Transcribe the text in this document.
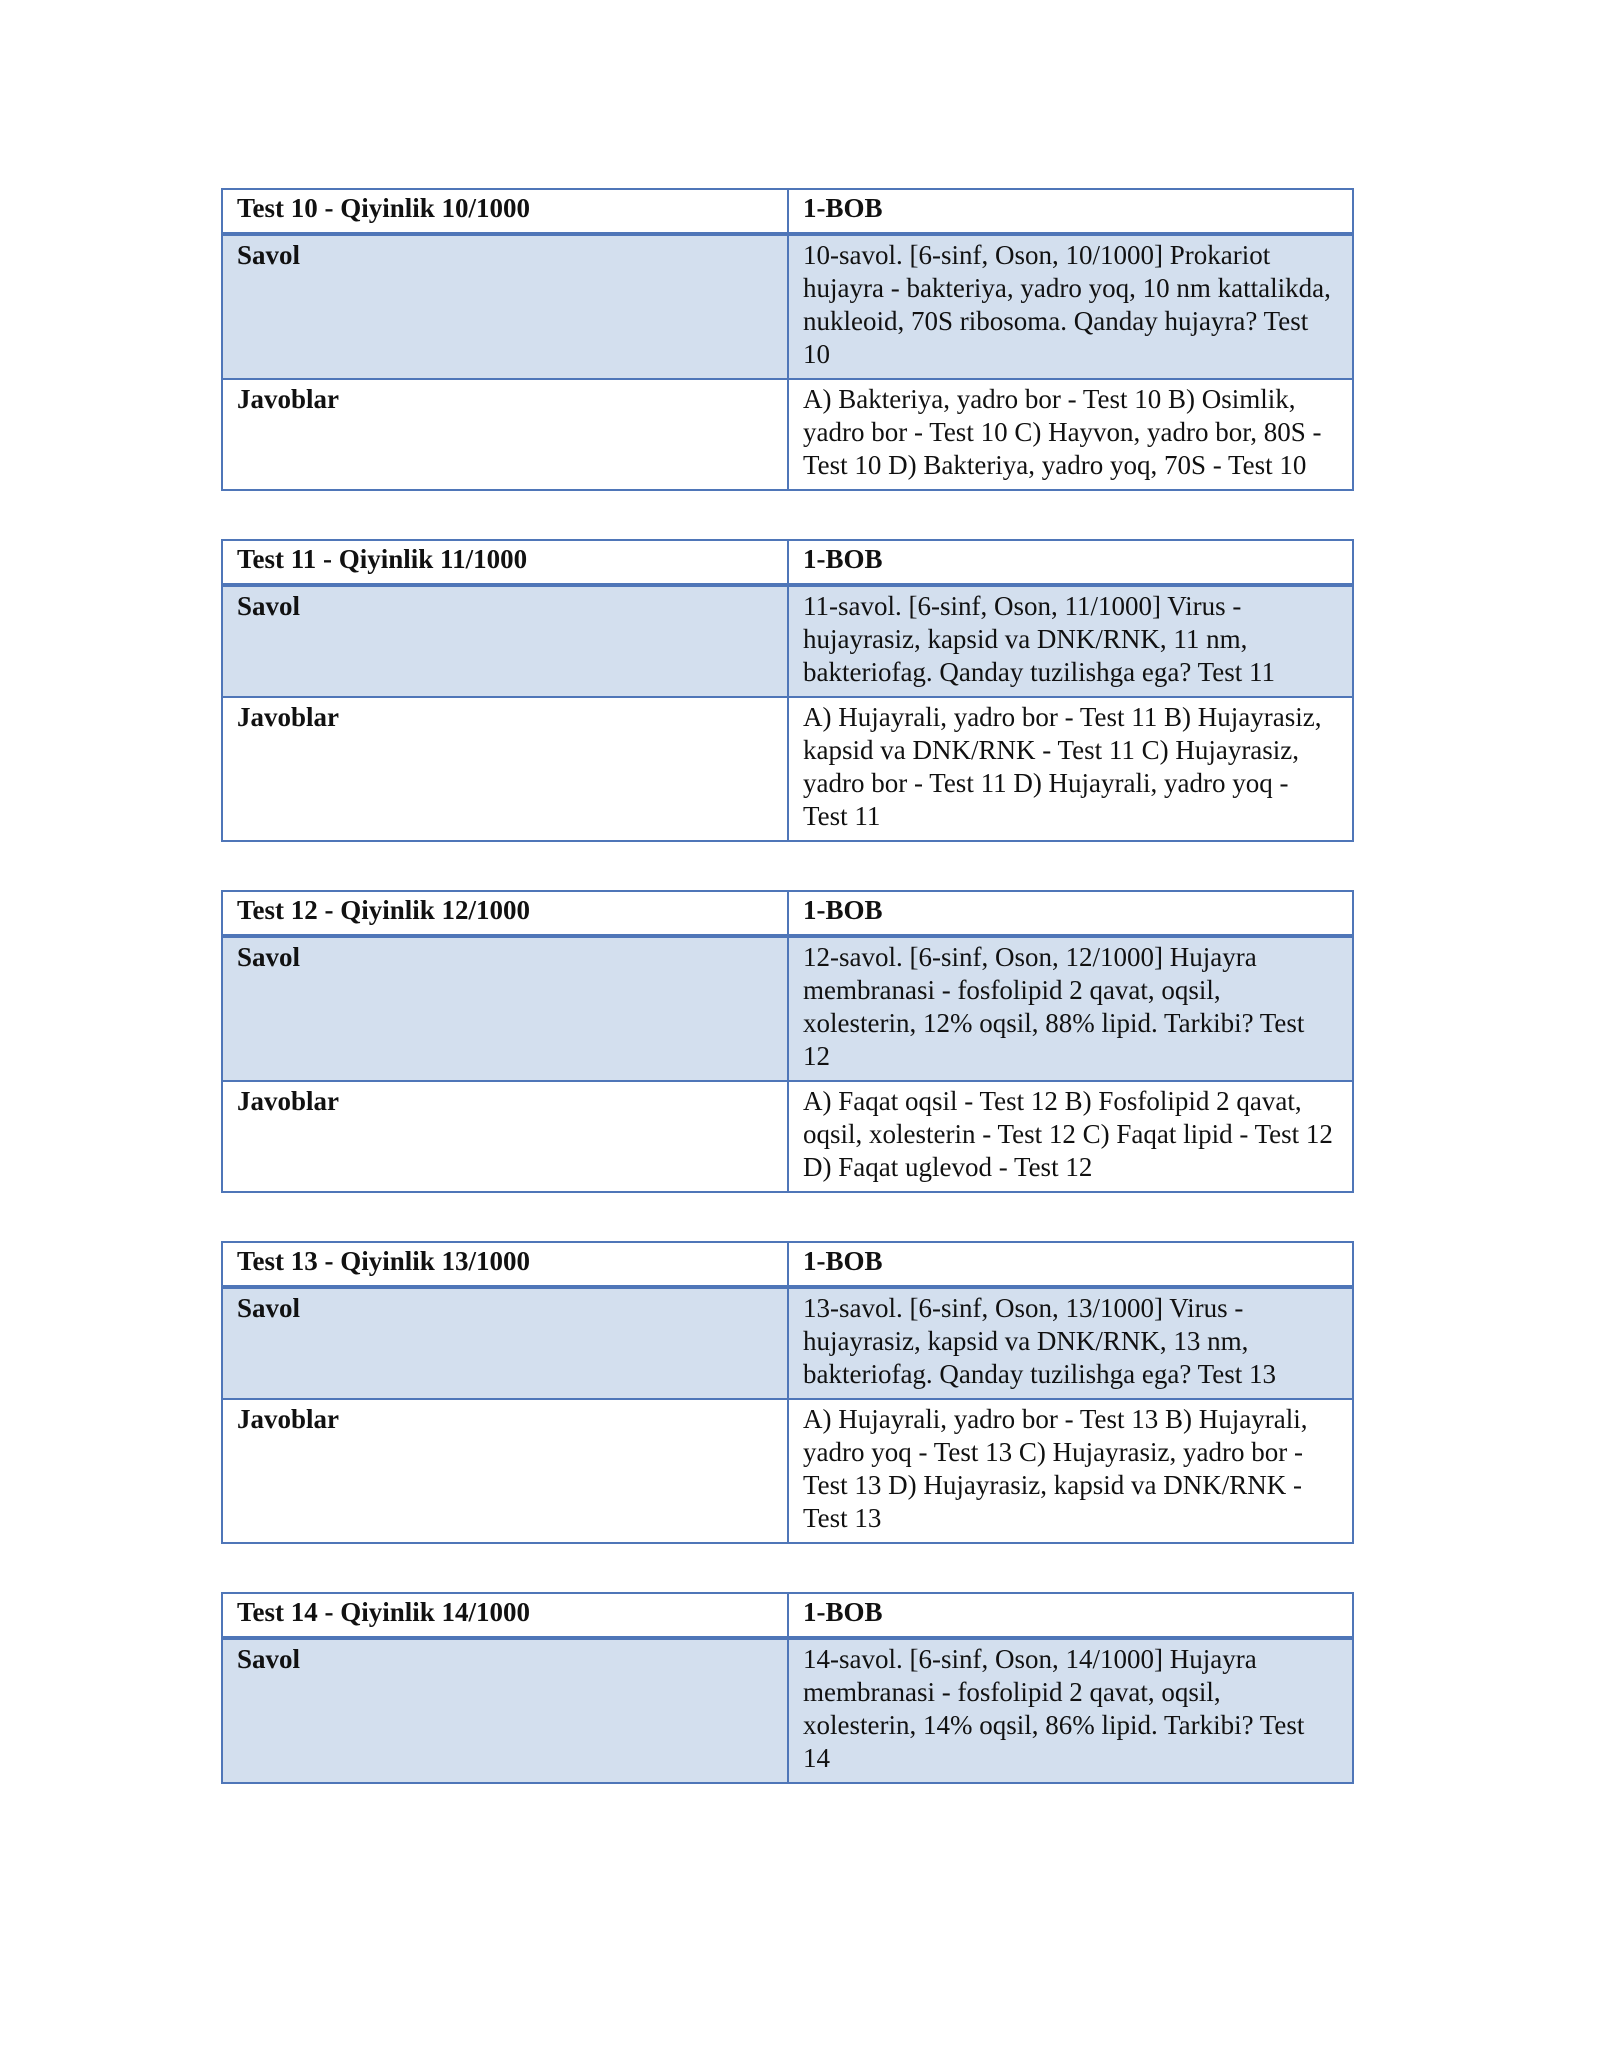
Test 10 - Qiyinlik 10/1000	1-BOB
Savol	10-savol. [6-sinf, Oson, 10/1000] Prokariot hujayra - bakteriya, yadro yoq, 10 nm kattalikda, nukleoid, 70S ribosoma. Qanday hujayra? Test 10
Javoblar	A) Bakteriya, yadro bor - Test 10 B) Osimlik, yadro bor - Test 10 C) Hayvon, yadro bor, 80S - Test 10 D) Bakteriya, yadro yoq, 70S - Test 10
Test 11 - Qiyinlik 11/1000	1-BOB
Savol	11-savol. [6-sinf, Oson, 11/1000] Virus - hujayrasiz, kapsid va DNK/RNK, 11 nm, bakteriofag. Qanday tuzilishga ega? Test 11
Javoblar	A) Hujayrali, yadro bor - Test 11 B) Hujayrasiz, kapsid va DNK/RNK - Test 11 C) Hujayrasiz, yadro bor - Test 11 D) Hujayrali, yadro yoq - Test 11
Test 12 - Qiyinlik 12/1000	1-BOB
Savol	12-savol. [6-sinf, Oson, 12/1000] Hujayra membranasi - fosfolipid 2 qavat, oqsil, xolesterin, 12% oqsil, 88% lipid. Tarkibi? Test 12
Javoblar	A) Faqat oqsil - Test 12 B) Fosfolipid 2 qavat, oqsil, xolesterin - Test 12 C) Faqat lipid - Test 12 D) Faqat uglevod - Test 12
Test 13 - Qiyinlik 13/1000	1-BOB
Savol	13-savol. [6-sinf, Oson, 13/1000] Virus - hujayrasiz, kapsid va DNK/RNK, 13 nm, bakteriofag. Qanday tuzilishga ega? Test 13
Javoblar	A) Hujayrali, yadro bor - Test 13 B) Hujayrali, yadro yoq - Test 13 C) Hujayrasiz, yadro bor - Test 13 D) Hujayrasiz, kapsid va DNK/RNK - Test 13
Test 14 - Qiyinlik 14/1000	1-BOB
Savol	14-savol. [6-sinf, Oson, 14/1000] Hujayra membranasi - fosfolipid 2 qavat, oqsil, xolesterin, 14% oqsil, 86% lipid. Tarkibi? Test 14
